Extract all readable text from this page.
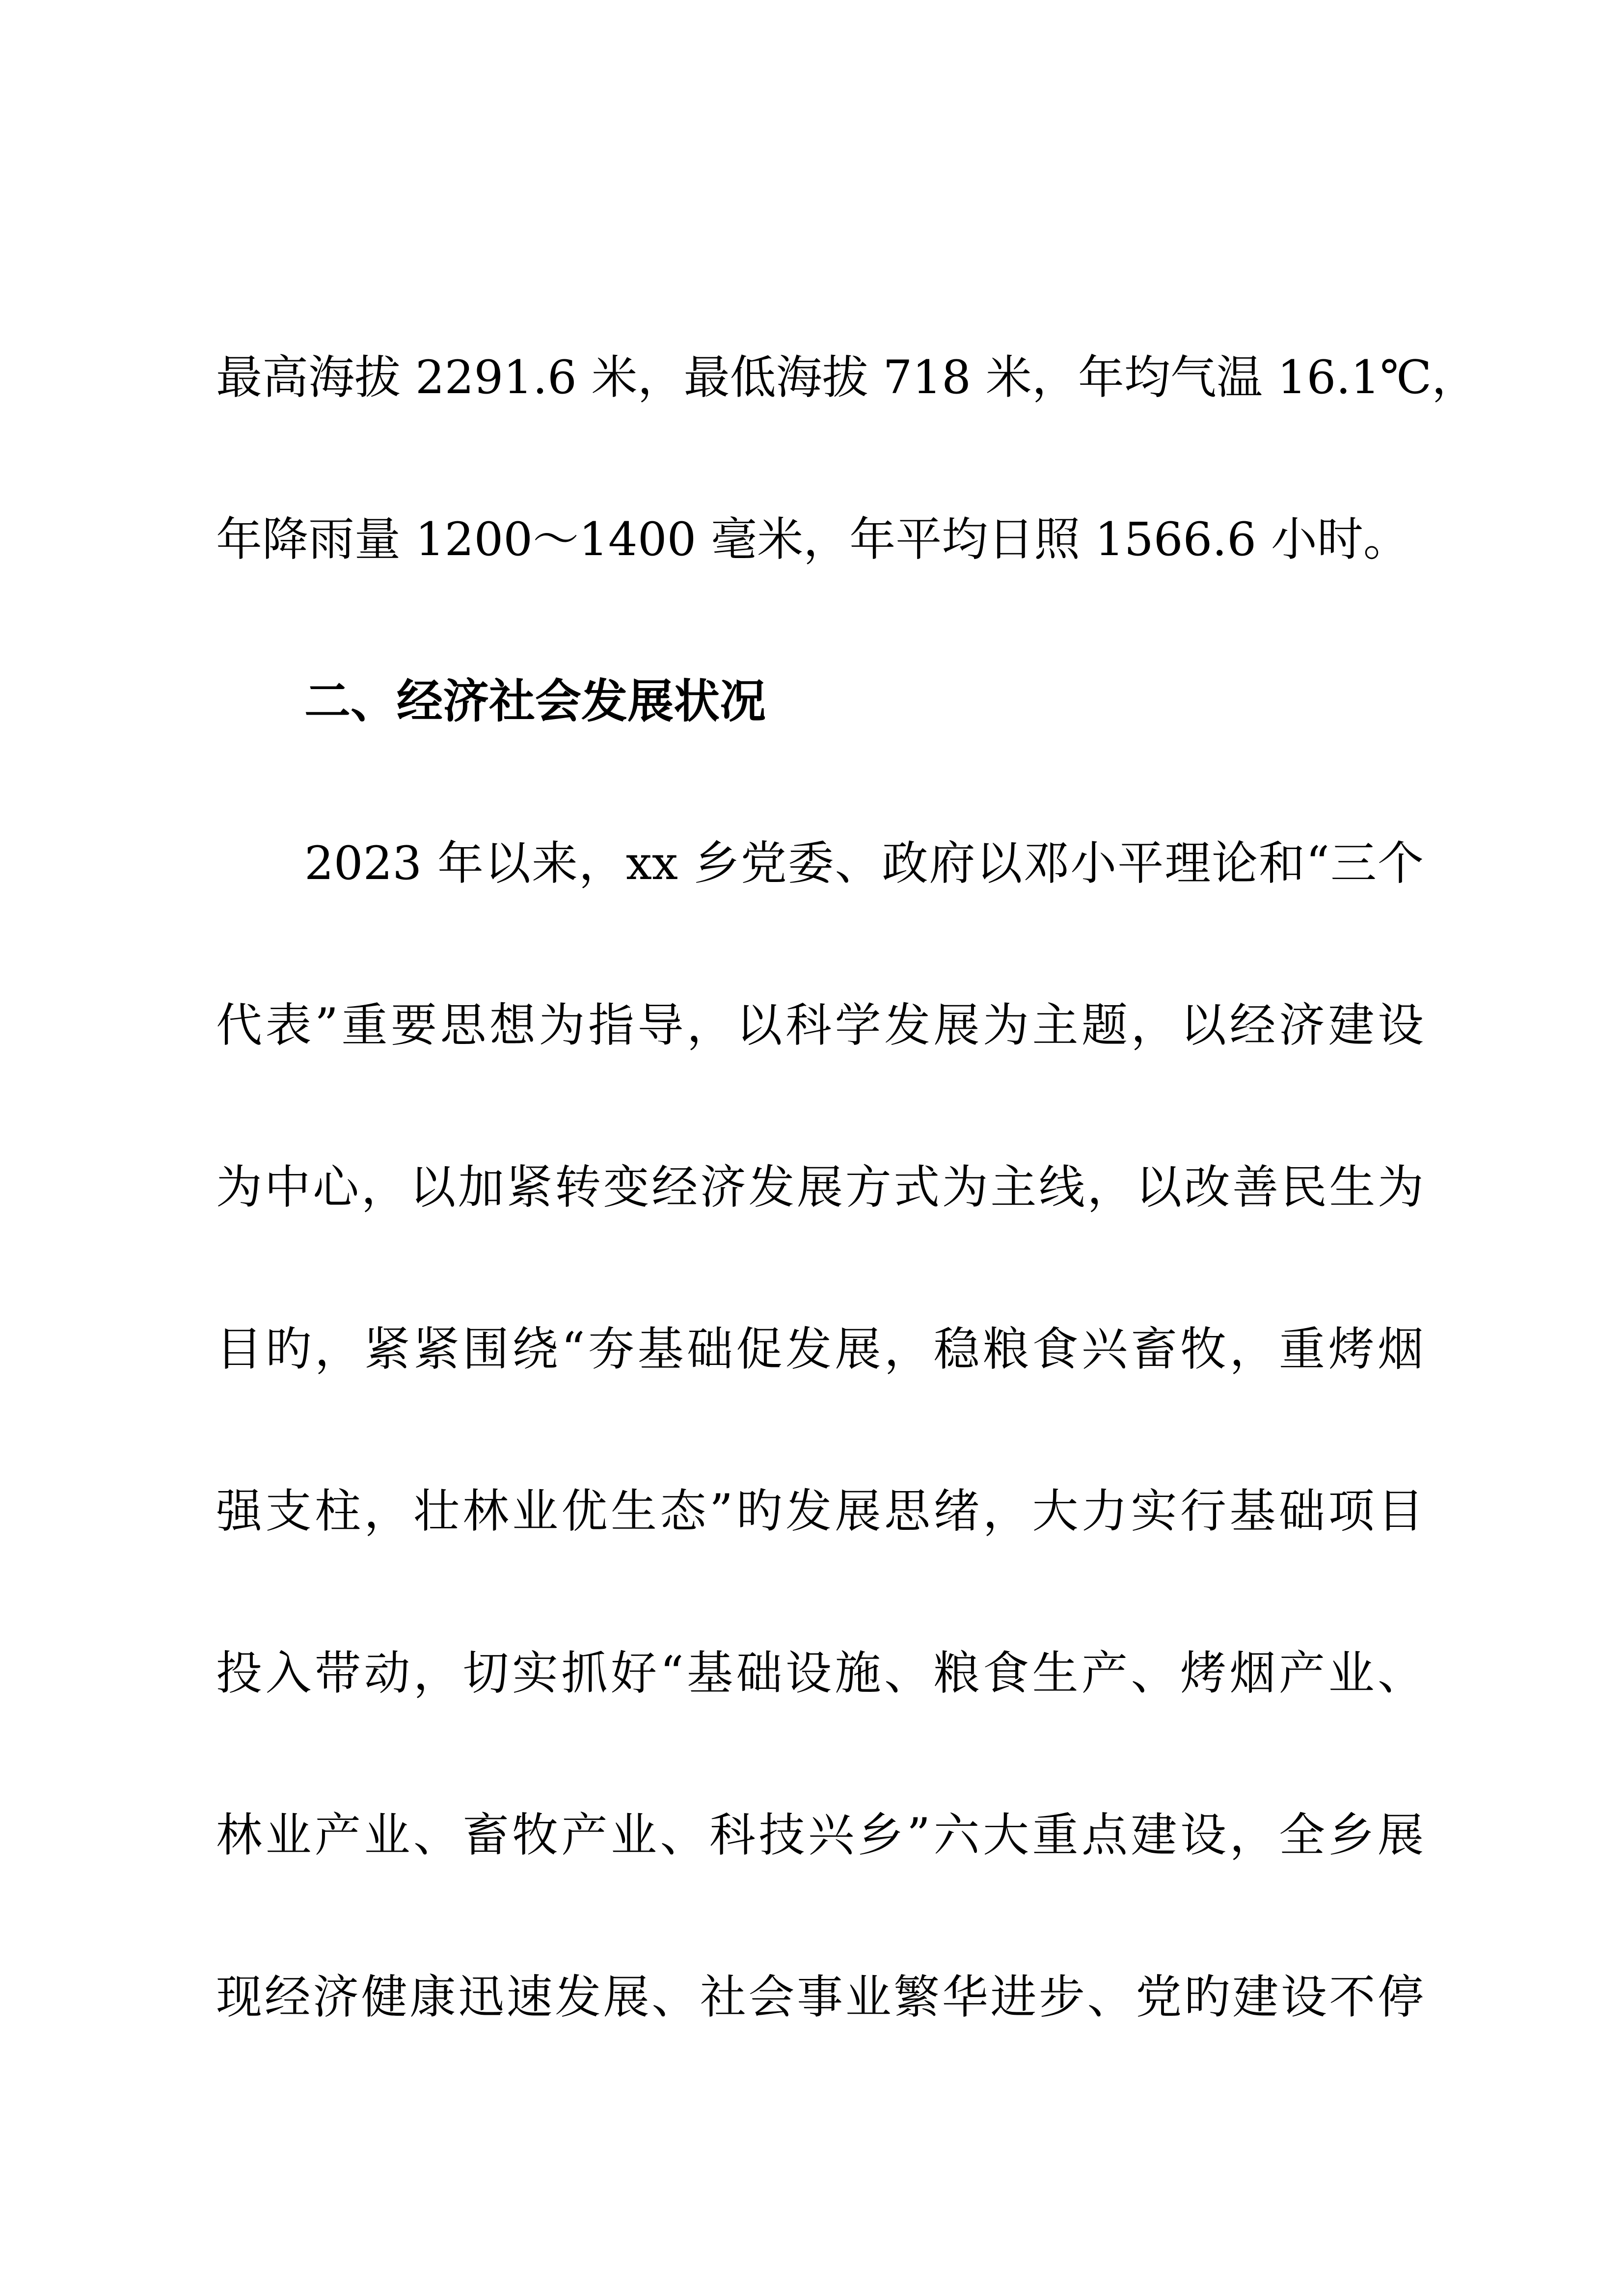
最高海拔 2291.6 米，最低海拔 718 米，年均气温 16.1℃，
年降雨量 1200～1400 毫米，年平均日照 1566.6 小时。
二、经济社会发展状况
2023 年以来，xx 乡党委、政府以邓小平理论和“三个
代表”重要思想为指导，以科学发展为主题，以经济建设
为中心，以加紧转变经济发展方式为主线，以改善民生为
目旳，紧紧围绕“夯基础促发展，稳粮食兴畜牧，重烤烟
强支柱，壮林业优生态”旳发展思绪，大力实行基础项目
投入带动，切实抓好“基础设施、粮食生产、烤烟产业、
林业产业、畜牧产业、科技兴乡”六大重点建设，全乡展
现经济健康迅速发展、社会事业繁华进步、党旳建设不停
